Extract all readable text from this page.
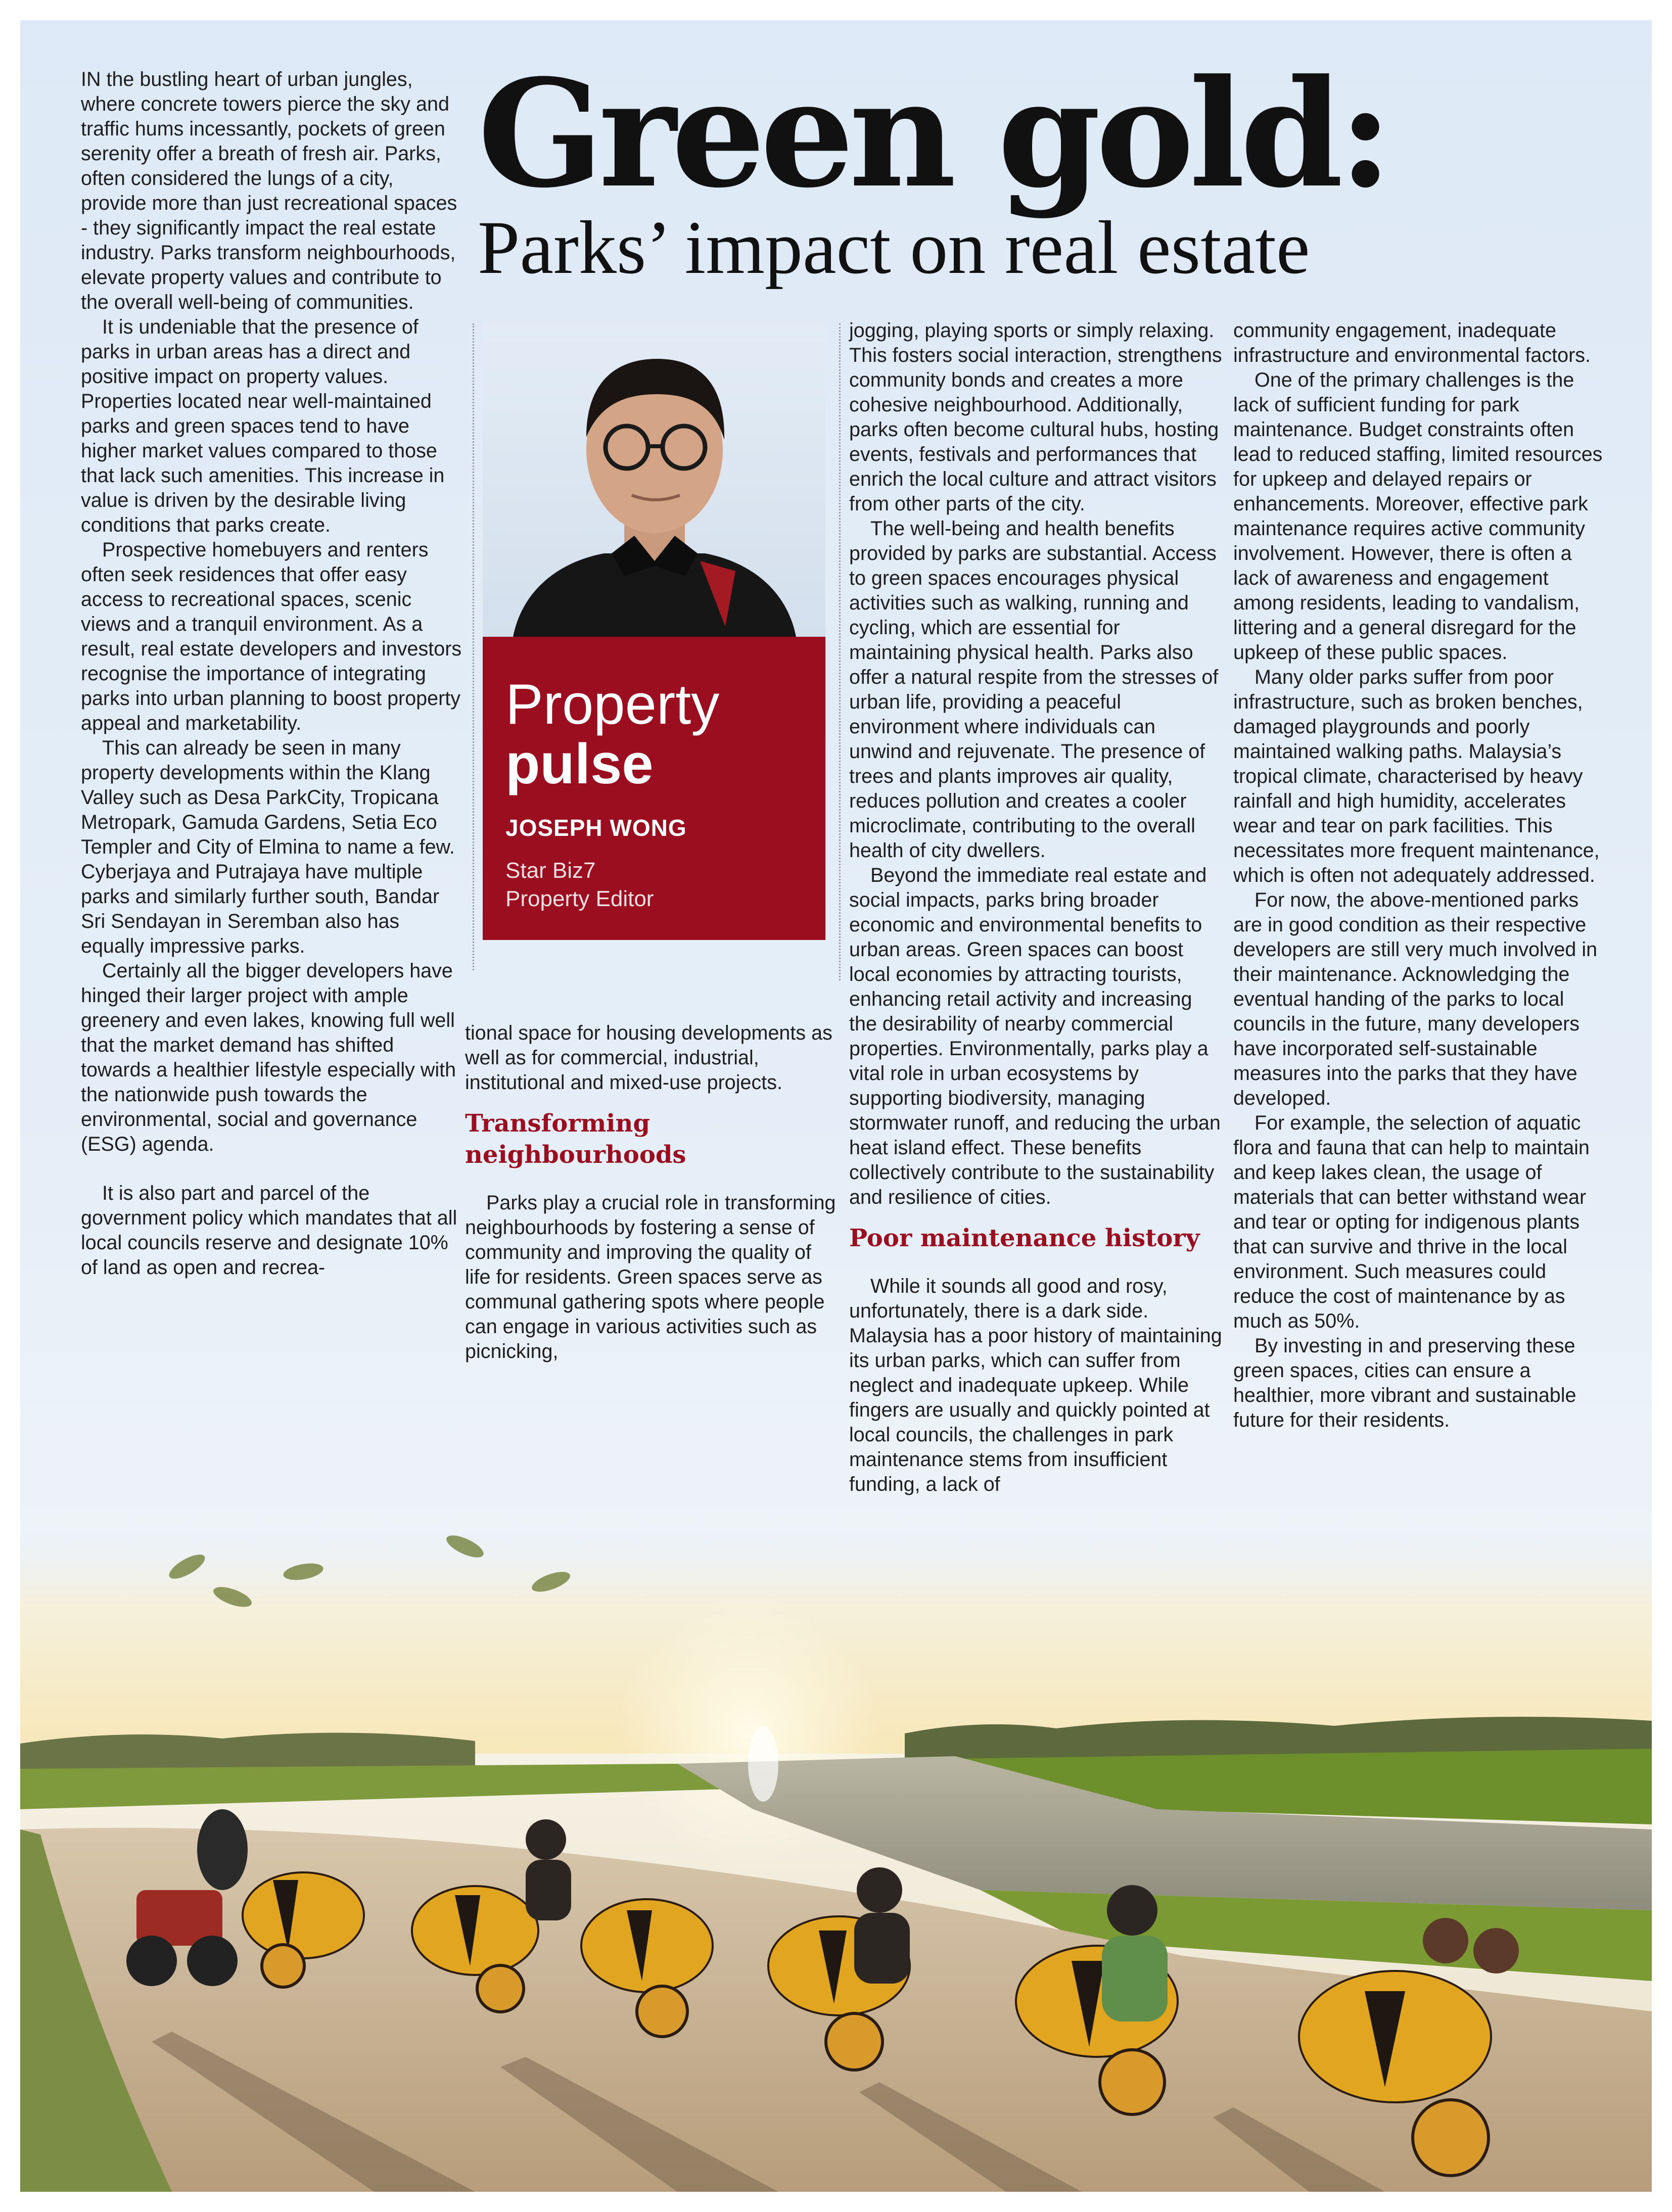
Green gold:
Parks’ impact on real estate

IN the bustling heart of urban jungles, where concrete towers pierce the sky and traffic hums incessantly, pockets of green serenity offer a breath of fresh air. Parks, often considered the lungs of a city, provide more than just recreational spaces - they significantly impact the real estate industry. Parks transform neighbourhoods, elevate property values and contribute to the overall well-being of communities.

It is undeniable that the presence of parks in urban areas has a direct and positive impact on property values. Properties located near well-maintained parks and green spaces tend to have higher market values compared to those that lack such amenities. This increase in value is driven by the desirable living conditions that parks create.

Prospective homebuyers and renters often seek residences that offer easy access to recreational spaces, scenic views and a tranquil environment. As a result, real estate developers and investors recognise the importance of integrating parks into urban planning to boost property appeal and marketability.

This can already be seen in many property developments within the Klang Valley such as Desa ParkCity, Tropicana Metropark, Gamuda Gardens, Setia Eco Templer and City of Elmina to name a few. Cyberjaya and Putrajaya have multiple parks and similarly further south, Bandar Sri Sendayan in Seremban also has equally impressive parks.

Certainly all the bigger developers have hinged their larger project with ample greenery and even lakes, knowing full well that the market demand has shifted towards a healthier lifestyle especially with the nationwide push towards the environmental, social and governance (ESG) agenda.

It is also part and parcel of the government policy which mandates that all local councils reserve and designate 10% of land as open and recrea-

Property
pulse
JOSEPH WONG
Star Biz7
Property Editor

tional space for housing developments as well as for commercial, industrial, institutional and mixed-use projects.

Transforming neighbourhoods

Parks play a crucial role in transforming neighbourhoods by fostering a sense of community and improving the quality of life for residents. Green spaces serve as communal gathering spots where people can engage in various activities such as picnicking,

jogging, playing sports or simply relaxing. This fosters social interaction, strengthens community bonds and creates a more cohesive neighbourhood. Additionally, parks often become cultural hubs, hosting events, festivals and performances that enrich the local culture and attract visitors from other parts of the city.

The well-being and health benefits provided by parks are substantial. Access to green spaces encourages physical activities such as walking, running and cycling, which are essential for maintaining physical health. Parks also offer a natural respite from the stresses of urban life, providing a peaceful environment where individuals can unwind and rejuvenate. The presence of trees and plants improves air quality, reduces pollution and creates a cooler microclimate, contributing to the overall health of city dwellers.

Beyond the immediate real estate and social impacts, parks bring broader economic and environmental benefits to urban areas. Green spaces can boost local economies by attracting tourists, enhancing retail activity and increasing the desirability of nearby commercial properties. Environmentally, parks play a vital role in urban ecosystems by supporting biodiversity, managing stormwater runoff, and reducing the urban heat island effect. These benefits collectively contribute to the sustainability and resilience of cities.

Poor maintenance history

While it sounds all good and rosy, unfortunately, there is a dark side. Malaysia has a poor history of maintaining its urban parks, which can suffer from neglect and inadequate upkeep. While fingers are usually and quickly pointed at local councils, the challenges in park maintenance stems from insufficient funding, a lack of

community engagement, inadequate infrastructure and environmental factors.

One of the primary challenges is the lack of sufficient funding for park maintenance. Budget constraints often lead to reduced staffing, limited resources for upkeep and delayed repairs or enhancements. Moreover, effective park maintenance requires active community involvement. However, there is often a lack of awareness and engagement among residents, leading to vandalism, littering and a general disregard for the upkeep of these public spaces.

Many older parks suffer from poor infrastructure, such as broken benches, damaged playgrounds and poorly maintained walking paths. Malaysia’s tropical climate, characterised by heavy rainfall and high humidity, accelerates wear and tear on park facilities. This necessitates more frequent maintenance, which is often not adequately addressed.

For now, the above-mentioned parks are in good condition as their respective developers are still very much involved in their maintenance. Acknowledging the eventual handing of the parks to local councils in the future, many developers have incorporated self-sustainable measures into the parks that they have developed.

For example, the selection of aquatic flora and fauna that can help to maintain and keep lakes clean, the usage of materials that can better withstand wear and tear or opting for indigenous plants that can survive and thrive in the local environment. Such measures could reduce the cost of maintenance by as much as 50%.

By investing in and preserving these green spaces, cities can ensure a healthier, more vibrant and sustainable future for their residents.
